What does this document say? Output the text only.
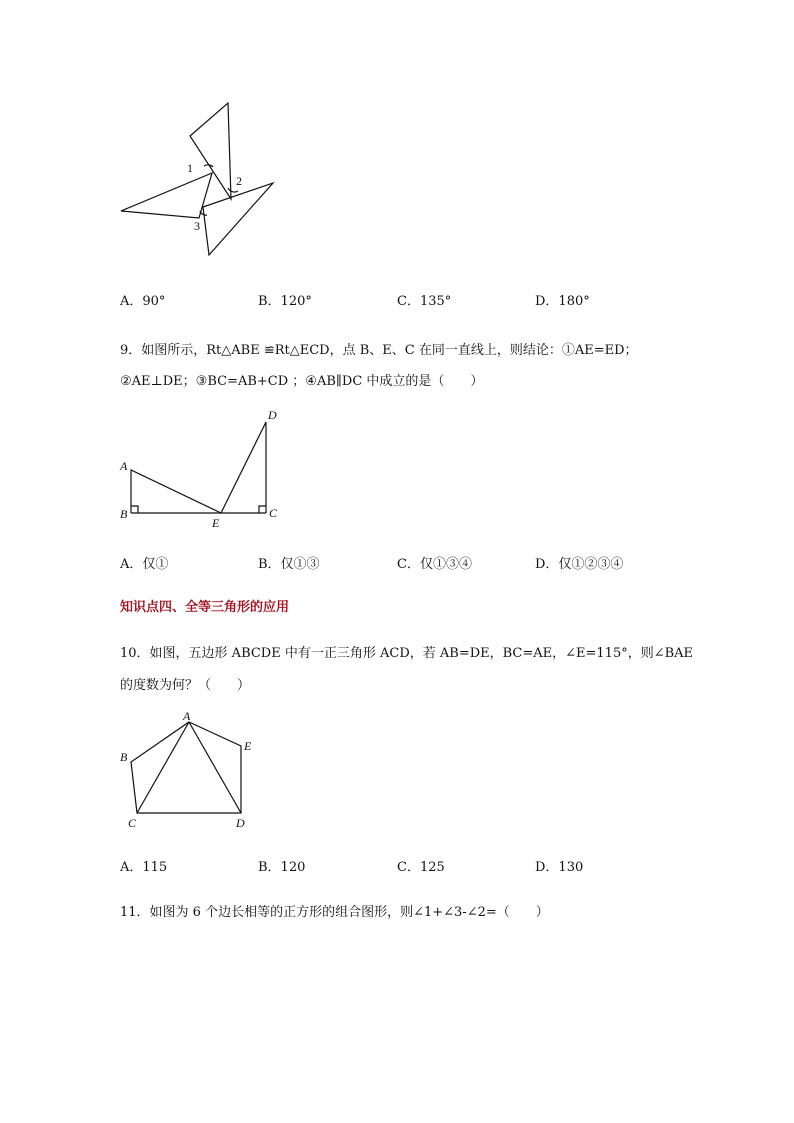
1
2
3
A．90°	B．120°	C．135°	D．180°
9．如图所示，Rt△ABE ≌Rt△ECD，点 B、E、C 在同一直线上，则结论：①AE=ED；
②AE⊥DE；③BC=AB+CD ；④AB∥DC 中成立的是（　　）
A
B
E
C
D
A．仅①	B．仅①③	C．仅①③④	D．仅①②③④
知识点四、全等三角形的应用
10．如图，五边形 ABCDE 中有一正三角形 ACD，若 AB=DE，BC=AE，∠E=115°，则∠BAE
的度数为何？（　　）
A
B
E
C	D
A．115	B．120	C．125	D．130
11．如图为 6 个边长相等的正方形的组合图形，则∠1+∠3-∠2=（　　）
